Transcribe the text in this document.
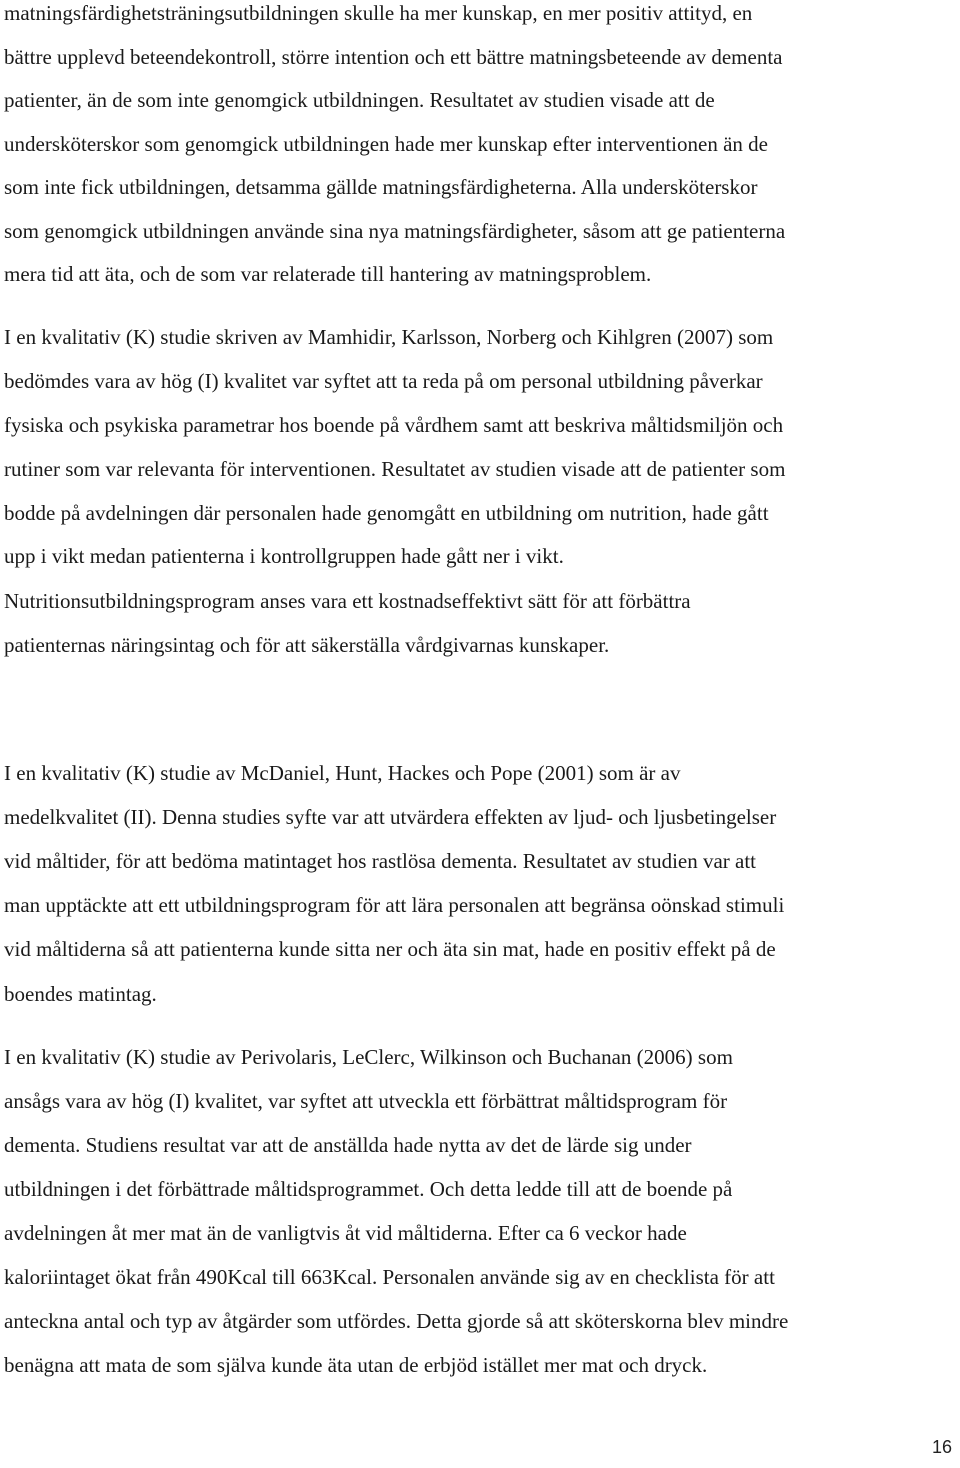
matningsfärdighetsträningsutbildningen skulle ha mer kunskap, en mer positiv attityd, en
bättre upplevd beteendekontroll, större intention och ett bättre matningsbeteende av dementa
patienter, än de som inte genomgick utbildningen. Resultatet av studien visade att de
undersköterskor som genomgick utbildningen hade mer kunskap efter interventionen än de
som inte fick utbildningen, detsamma gällde matningsfärdigheterna. Alla undersköterskor
som genomgick utbildningen använde sina nya matningsfärdigheter, såsom att ge patienterna
mera tid att äta, och de som var relaterade till hantering av matningsproblem.
I en kvalitativ (K) studie skriven av Mamhidir, Karlsson, Norberg och Kihlgren (2007) som
bedömdes vara av hög (I) kvalitet var syftet att ta reda på om personal utbildning påverkar
fysiska och psykiska parametrar hos boende på vårdhem samt att beskriva måltidsmiljön och
rutiner som var relevanta för interventionen. Resultatet av studien visade att de patienter som
bodde på avdelningen där personalen hade genomgått en utbildning om nutrition, hade gått
upp i vikt medan patienterna i kontrollgruppen hade gått ner i vikt.
Nutritionsutbildningsprogram anses vara ett kostnadseffektivt sätt för att förbättra
patienternas näringsintag och för att säkerställa vårdgivarnas kunskaper.
I en kvalitativ (K) studie av McDaniel, Hunt, Hackes och Pope (2001) som är av
medelkvalitet (II). Denna studies syfte var att utvärdera effekten av ljud- och ljusbetingelser
vid måltider, för att bedöma matintaget hos rastlösa dementa. Resultatet av studien var att
man upptäckte att ett utbildningsprogram för att lära personalen att begränsa oönskad stimuli
vid måltiderna så att patienterna kunde sitta ner och äta sin mat, hade en positiv effekt på de
boendes matintag.
I en kvalitativ (K) studie av Perivolaris, LeClerc, Wilkinson och Buchanan (2006) som
ansågs vara av hög (I) kvalitet, var syftet att utveckla ett förbättrat måltidsprogram för
dementa. Studiens resultat var att de anställda hade nytta av det de lärde sig under
utbildningen i det förbättrade måltidsprogrammet. Och detta ledde till att de boende på
avdelningen åt mer mat än de vanligtvis åt vid måltiderna. Efter ca 6 veckor hade
kaloriintaget ökat från 490Kcal till 663Kcal. Personalen använde sig av en checklista för att
anteckna antal och typ av åtgärder som utfördes. Detta gjorde så att sköterskorna blev mindre
benägna att mata de som själva kunde äta utan de erbjöd istället mer mat och dryck.
16
